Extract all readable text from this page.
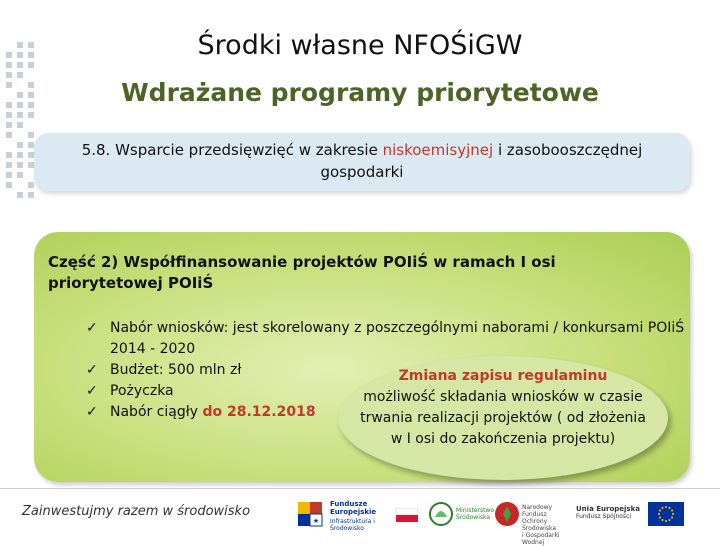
Środki własne NFOŚiGW
Wdrażane programy priorytetowe
5.8. Wsparcie przedsięwzięć w zakresie niskoemisyjnej i zasobooszczędnej gospodarki
Część 2) Współfinansowanie projektów POIiŚ w ramach I osi priorytetowej POIiŚ
✓ Nabór wniosków: jest skorelowany z poszczególnymi naborami / konkursami POIiŚ 2014 - 2020
✓ Budżet: 500 mln zł
✓ Pożyczka
✓ Nabór ciągły do 28.12.2018
Zmiana zapisu regulaminu
możliwość składania wniosków w czasie trwania realizacji projektów ( od złożenia w I osi do zakończenia projektu)
Zainwestujmy razem w środowisko
★
Fundusze
Europejskie
Infrastruktura i Środowisko
Ministerstwo
Środowiska
Narodowy Fundusz
Ochrony Środowiska
i Gospodarki Wodnej
Unia Europejska
Fundusz Spójności
